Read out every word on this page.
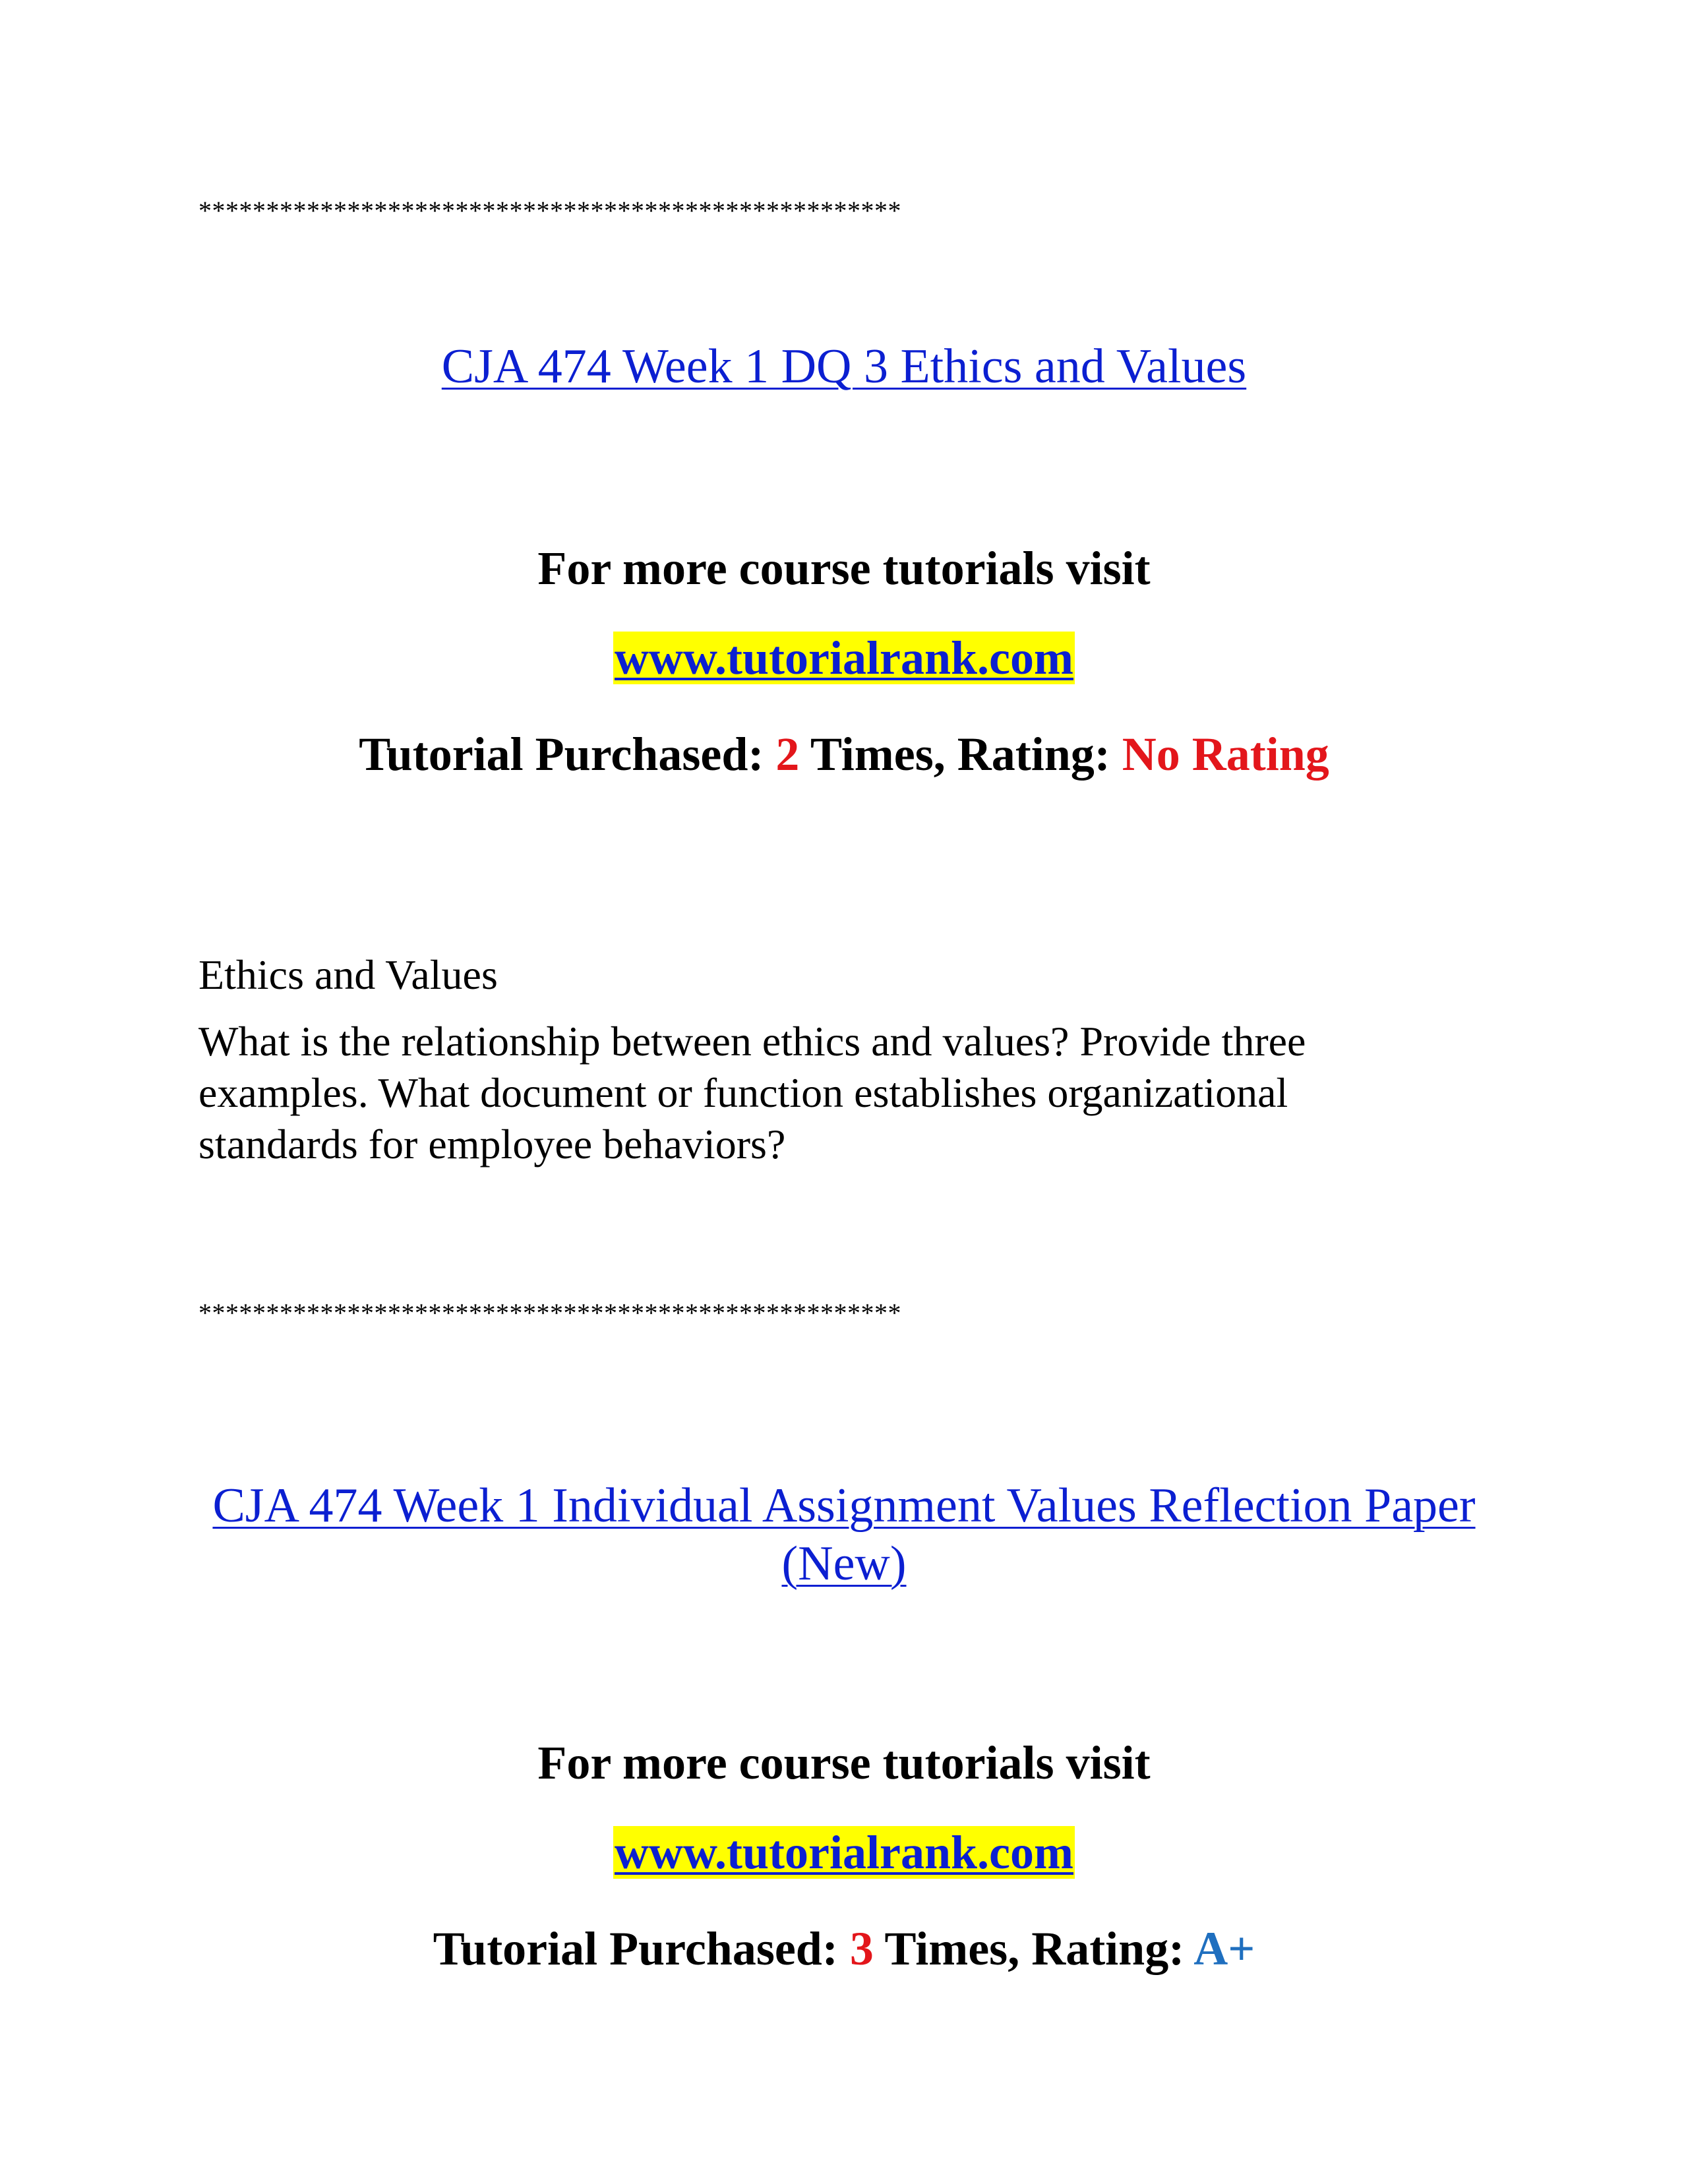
****************************************************
CJA 474 Week 1 DQ 3 Ethics and Values
For more course tutorials visit
www.tutorialrank.com
Tutorial Purchased: 2 Times, Rating: No Rating
Ethics and Values
What is the relationship between ethics and values? Provide three
examples. What document or function establishes organizational
standards for employee behaviors?
****************************************************
CJA 474 Week 1 Individual Assignment Values Reflection Paper
(New)
For more course tutorials visit
www.tutorialrank.com
Tutorial Purchased: 3 Times, Rating: A+
